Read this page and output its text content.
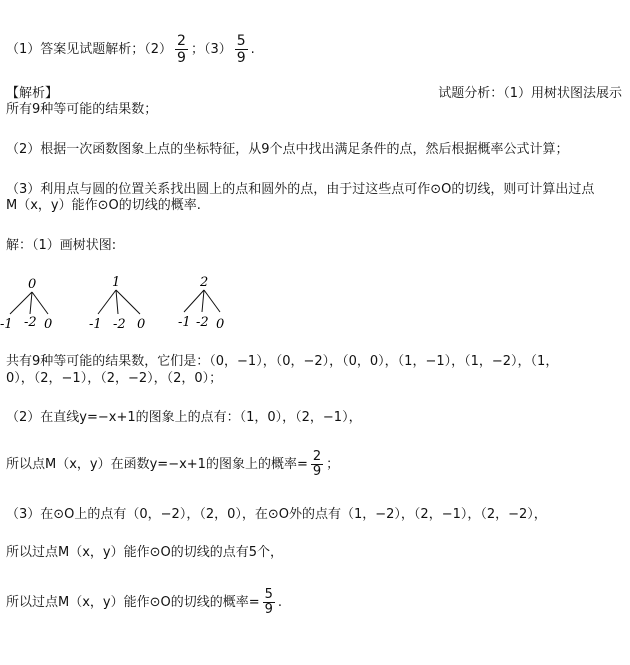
（1）答案见试题解析；$(2) \frac{2}{9}$ ；$(3) \frac{5}{9}$ .
【解析】	试题分析：（1）用树状图法展示
所有9种等可能的结果数；
（2）根据一次函数图象上点的坐标特征，从9个点中找出满足条件的点，然后根据概率公式计算；
（3）利用点与圆的位置关系找出圆上的点和圆外的点，由于过这些点可作⊙O的切线，则可计算出过点
M（x，y）能作⊙O的切线的概率.
解：（1）画树状图:
0
-1 -2 0
1
-1 -2 0
2
-1 -2 0
共有9种等可能的结果数，它们是：（0，−1），（0，−2），（0，0），（1，−1），（1，−2），（1，
0），（2，−1），（2，−2），（2，0）；
（2）在直线y=−x+1的图象上的点有：（1，0），（2，−1），
所以点M（x，y）在函数y=−x+1的图象上的概率= $\frac{2}{9}$ ；
（3）在⊙O上的点有（0，−2），（2，0），在⊙O外的点有（1，−2），（2，−1），（2，−2），
所以过点M（x，y）能作⊙O的切线的点有5个，
所以过点M（x，y）能作⊙O的切线的概率= $\frac{5}{9}$ .
